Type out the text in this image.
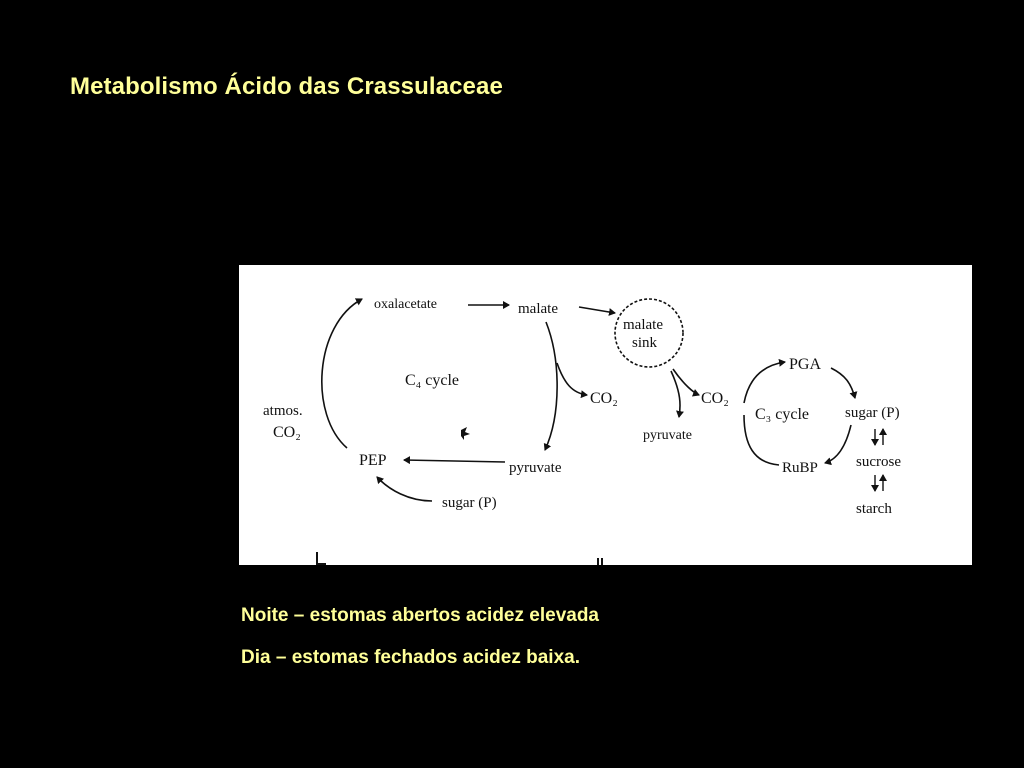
Metabolismo Ácido das Crassulaceae
oxalacetate	malate
malate
sink
C₄ cycle
CO₂
atmos.
CO₂
PEP	pyruvate
sugar (P)
pyruvate
CO₂
PGA
C₃ cycle sugar (P)
RuBP	sucrose
starch
Noite – estomas abertos acidez elevada
Dia – estomas fechados acidez baixa.
